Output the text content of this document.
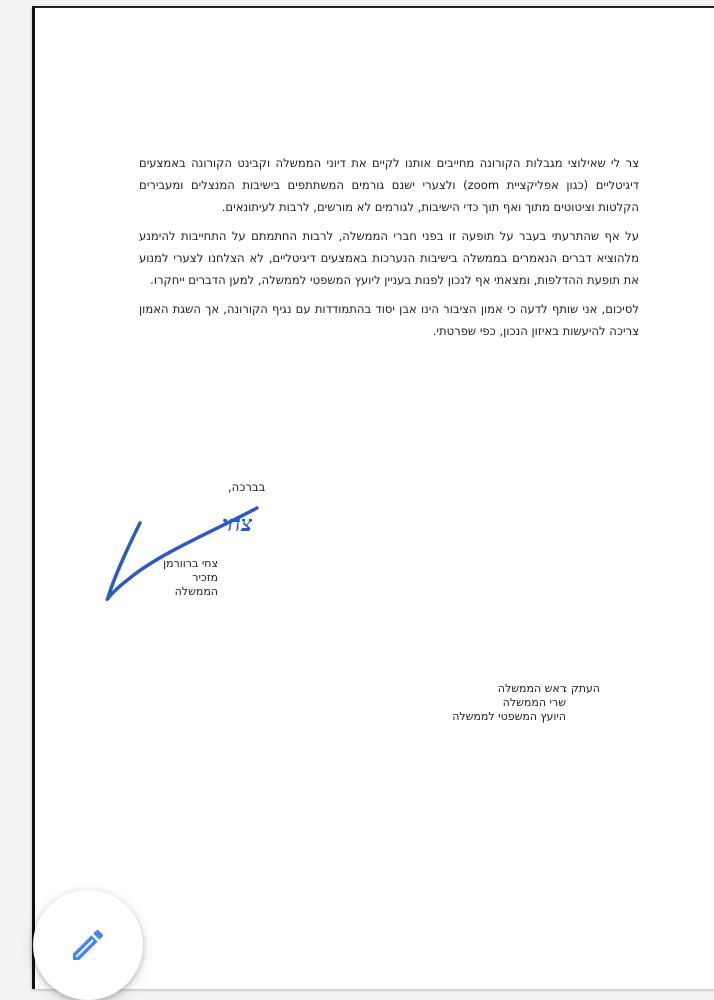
צר לי שאילוצי מגבלות הקורונה מחייבים אותנו לקיים את דיוני הממשלה וקבינט הקורונה באמצעים דיגיטליים (כגון אפליקציית zoom) ולצערי ישנם גורמים המשתתפים בישיבות המנצלים ומעבירים הקלטות וציטוטים מתוך ואף תוך כדי הישיבות, לגורמים לא מורשים, לרבות לעיתונאים.

על אף שהתרעתי בעבר על תופעה זו בפני חברי הממשלה, לרבות החתמתם על התחייבות להימנע מלהוציא דברים הנאמרים בממשלה בישיבות הנערכות באמצעים דיגיטליים, לא הצלחנו לצערי למנוע את תופעת ההדלפות, ומצאתי אף לנכון לפנות בעניין ליועץ המשפטי לממשלה, למען הדברים ייחקרו.

לסיכום, אני שותף לדעה כי אמון הציבור הינו אבן יסוד בהתמודדות עם נגיף הקורונה, אך השגת האמון צריכה להיעשות באיזון הנכון, כפי שפרטתי.

בברכה,
צחי
צחי ברוורמן
מזכיר הממשלה
העתק :
ראש הממשלה
שרי הממשלה
היועץ המשפטי לממשלה
